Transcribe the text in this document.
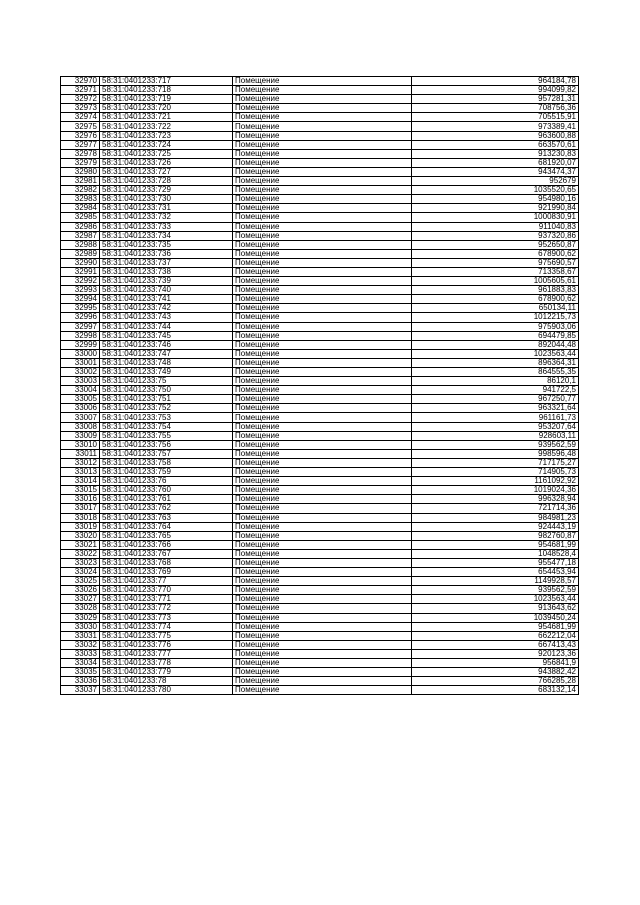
32970	58:31:0401233:717	Помещение	964184,78
32971	58:31:0401233:718	Помещение	994099,82
32972	58:31:0401233:719	Помещение	957281,31
32973	58:31:0401233:720	Помещение	708756,36
32974	58:31:0401233:721	Помещение	705515,91
32975	58:31:0401233:722	Помещение	973389,41
32976	58:31:0401233:723	Помещение	963600,88
32977	58:31:0401233:724	Помещение	663570,61
32978	58:31:0401233:725	Помещение	913230,83
32979	58:31:0401233:726	Помещение	681920,07
32980	58:31:0401233:727	Помещение	943474,37
32981	58:31:0401233:728	Помещение	952679
32982	58:31:0401233:729	Помещение	1035520,65
32983	58:31:0401233:730	Помещение	954980,16
32984	58:31:0401233:731	Помещение	921990,84
32985	58:31:0401233:732	Помещение	1000830,91
32986	58:31:0401233:733	Помещение	911040,83
32987	58:31:0401233:734	Помещение	937320,86
32988	58:31:0401233:735	Помещение	952650,87
32989	58:31:0401233:736	Помещение	678900,62
32990	58:31:0401233:737	Помещение	975690,57
32991	58:31:0401233:738	Помещение	713358,67
32992	58:31:0401233:739	Помещение	1005605,61
32993	58:31:0401233:740	Помещение	961883,83
32994	58:31:0401233:741	Помещение	678900,62
32995	58:31:0401233:742	Помещение	650134,11
32996	58:31:0401233:743	Помещение	1012215,73
32997	58:31:0401233:744	Помещение	975903,06
32998	58:31:0401233:745	Помещение	694479,85
32999	58:31:0401233:746	Помещение	892044,48
33000	58:31:0401233:747	Помещение	1023563,44
33001	58:31:0401233:748	Помещение	896364,31
33002	58:31:0401233:749	Помещение	864555,35
33003	58:31:0401233:75	Помещение	86120,1
33004	58:31:0401233:750	Помещение	941722,5
33005	58:31:0401233:751	Помещение	967250,77
33006	58:31:0401233:752	Помещение	963321,64
33007	58:31:0401233:753	Помещение	961161,73
33008	58:31:0401233:754	Помещение	953207,64
33009	58:31:0401233:755	Помещение	928603,11
33010	58:31:0401233:756	Помещение	939562,59
33011	58:31:0401233:757	Помещение	998596,48
33012	58:31:0401233:758	Помещение	717175,27
33013	58:31:0401233:759	Помещение	714905,73
33014	58:31:0401233:76	Помещение	1161092,92
33015	58:31:0401233:760	Помещение	1019024,36
33016	58:31:0401233:761	Помещение	996328,94
33017	58:31:0401233:762	Помещение	721714,36
33018	58:31:0401233:763	Помещение	984981,23
33019	58:31:0401233:764	Помещение	924443,19
33020	58:31:0401233:765	Помещение	982760,87
33021	58:31:0401233:766	Помещение	954681,99
33022	58:31:0401233:767	Помещение	1048528,4
33023	58:31:0401233:768	Помещение	955477,18
33024	58:31:0401233:769	Помещение	654453,94
33025	58:31:0401233:77	Помещение	1149928,57
33026	58:31:0401233:770	Помещение	939562,59
33027	58:31:0401233:771	Помещение	1023563,44
33028	58:31:0401233:772	Помещение	913643,62
33029	58:31:0401233:773	Помещение	1039450,24
33030	58:31:0401233:774	Помещение	954681,99
33031	58:31:0401233:775	Помещение	662212,04
33032	58:31:0401233:776	Помещение	667413,43
33033	58:31:0401233:777	Помещение	920123,36
33034	58:31:0401233:778	Помещение	956841,9
33035	58:31:0401233:779	Помещение	943882,42
33036	58:31:0401233:78	Помещение	766285,28
33037	58:31:0401233:780	Помещение	683132,14
